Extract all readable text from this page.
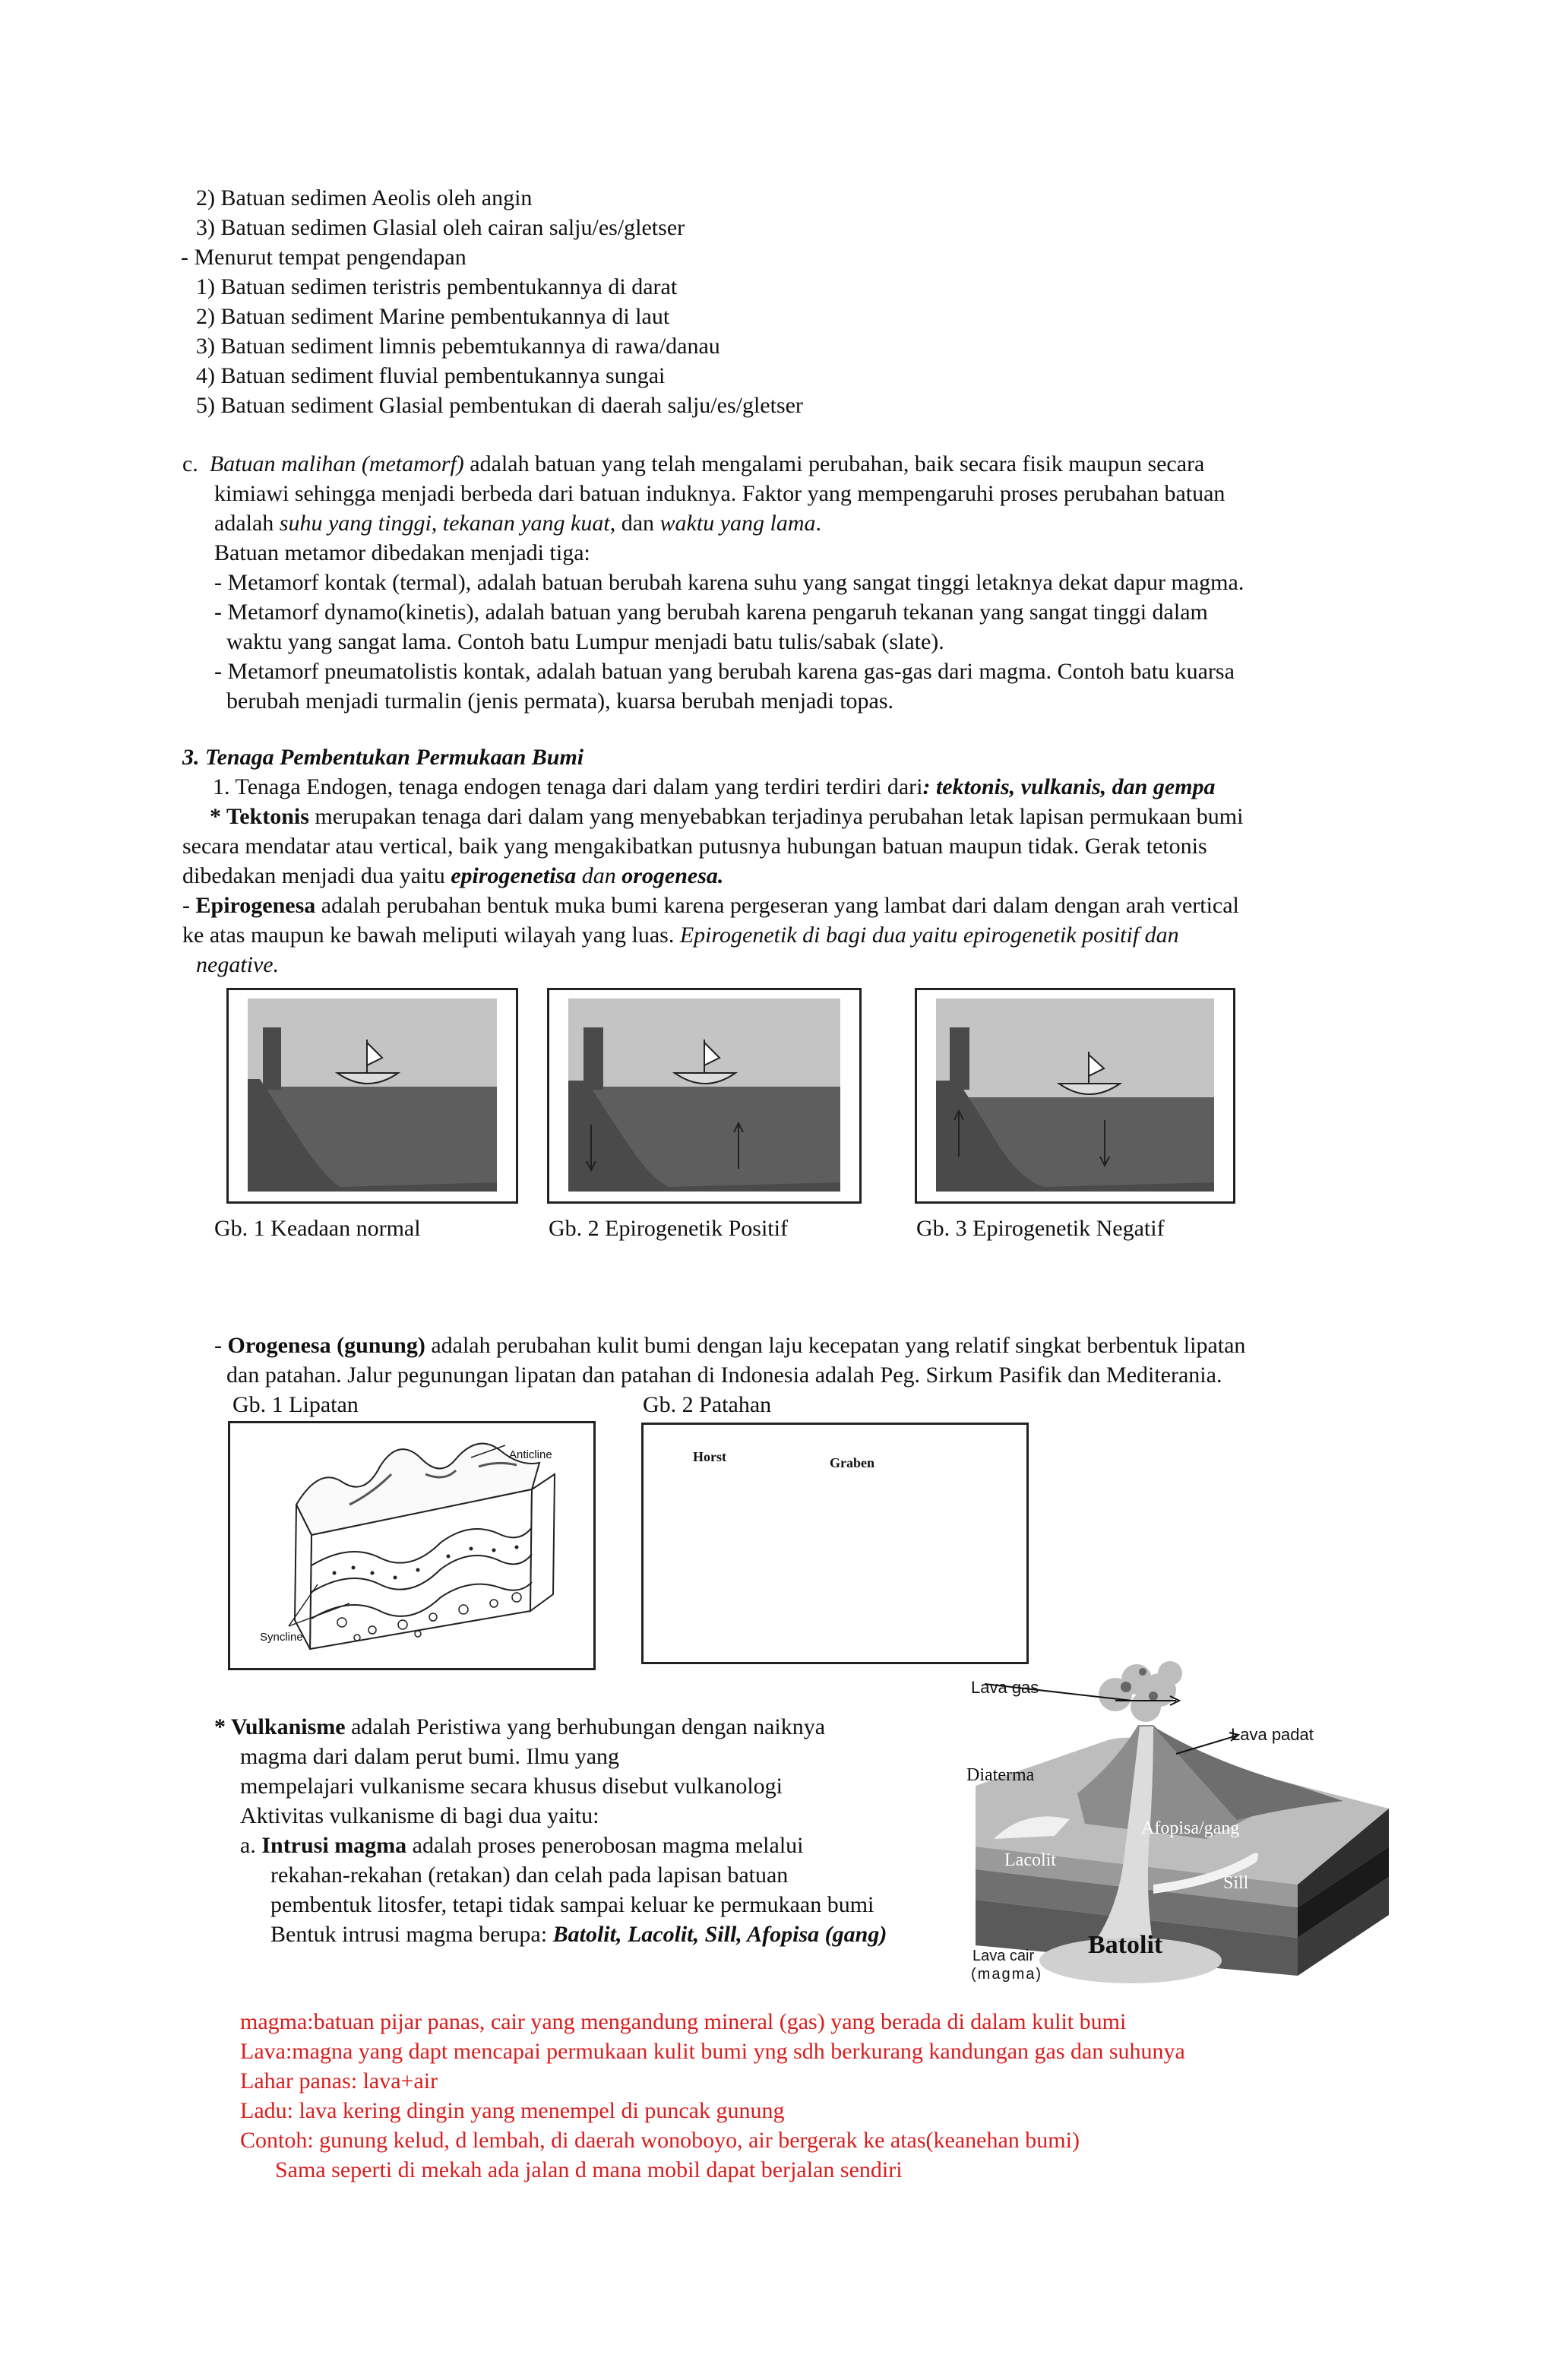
2) Batuan sedimen Aeolis oleh angin
3) Batuan sedimen Glasial oleh cairan salju/es/gletser
- Menurut tempat pengendapan
1) Batuan sedimen teristris pembentukannya di darat
2) Batuan sediment Marine pembentukannya di laut
3) Batuan sediment limnis pebemtukannya di rawa/danau
4) Batuan sediment fluvial pembentukannya sungai
5) Batuan sediment Glasial pembentukan di daerah salju/es/gletser
c. Batuan malihan (metamorf) adalah batuan yang telah mengalami perubahan, baik secara fisik maupun secara
kimiawi sehingga menjadi berbeda dari batuan induknya. Faktor yang mempengaruhi proses perubahan batuan
adalah suhu yang tinggi, tekanan yang kuat, dan waktu yang lama.
Batuan metamor dibedakan menjadi tiga:
- Metamorf kontak (termal), adalah batuan berubah karena suhu yang sangat tinggi letaknya dekat dapur magma.
- Metamorf dynamo(kinetis), adalah batuan yang berubah karena pengaruh tekanan yang sangat tinggi dalam
waktu yang sangat lama. Contoh batu Lumpur menjadi batu tulis/sabak (slate).
- Metamorf pneumatolistis kontak, adalah batuan yang berubah karena gas-gas dari magma. Contoh batu kuarsa
berubah menjadi turmalin (jenis permata), kuarsa berubah menjadi topas.
3. Tenaga Pembentukan Permukaan Bumi
1. Tenaga Endogen, tenaga endogen tenaga dari dalam yang terdiri terdiri dari: tektonis, vulkanis, dan gempa
* Tektonis merupakan tenaga dari dalam yang menyebabkan terjadinya perubahan letak lapisan permukaan bumi
secara mendatar atau vertical, baik yang mengakibatkan putusnya hubungan batuan maupun tidak. Gerak tetonis
dibedakan menjadi dua yaitu epirogenetisa dan orogenesa.
- Epirogenesa adalah perubahan bentuk muka bumi karena pergeseran yang lambat dari dalam dengan arah vertical
ke atas maupun ke bawah meliputi wilayah yang luas. Epirogenetik di bagi dua yaitu epirogenetik positif dan
negative.
Gb. 1 Keadaan normal	Gb. 2 Epirogenetik Positif	Gb. 3 Epirogenetik Negatif
- Orogenesa (gunung) adalah perubahan kulit bumi dengan laju kecepatan yang relatif singkat berbentuk lipatan
dan patahan. Jalur pegunungan lipatan dan patahan di Indonesia adalah Peg. Sirkum Pasifik dan Mediterania.
Gb. 1 Lipatan	Gb. 2 Patahan
Anticline
Syncline
Horst	Graben
* Vulkanisme adalah Peristiwa yang berhubungan dengan naiknya
magma dari dalam perut bumi. Ilmu yang
mempelajari vulkanisme secara khusus disebut vulkanologi
Aktivitas vulkanisme di bagi dua yaitu:
a. Intrusi magma adalah proses penerobosan magma melalui
rekahan-rekahan (retakan) dan celah pada lapisan batuan
pembentuk litosfer, tetapi tidak sampai keluar ke permukaan bumi
Bentuk intrusi magma berupa: Batolit, Lacolit, Sill, Afopisa (gang)
Lava gas
Lava padat
Diaterma
Afopisa/gang
Lacolit
Sill
Lava cair
(magma)
Batolit
magma:batuan pijar panas, cair yang mengandung mineral (gas) yang berada di dalam kulit bumi
Lava:magna yang dapt mencapai permukaan kulit bumi yng sdh berkurang kandungan gas dan suhunya
Lahar panas: lava+air
Ladu: lava kering dingin yang menempel di puncak gunung
Contoh: gunung kelud, d lembah, di daerah wonoboyo, air bergerak ke atas(keanehan bumi)
Sama seperti di mekah ada jalan d mana mobil dapat berjalan sendiri
